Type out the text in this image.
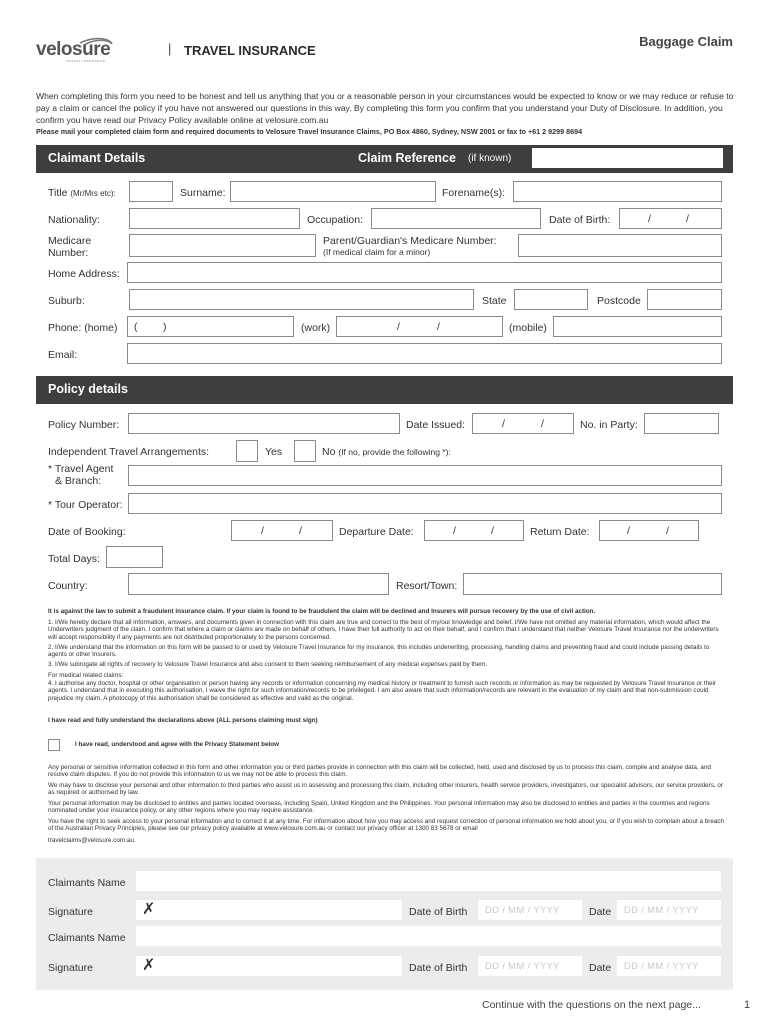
velosure
TRAVEL INSURANCE
| TRAVEL INSURANCE
Baggage Claim

When completing this form you need to be honest and tell us anything that you or a reasonable person in your circumstances would be expected to know or we may reduce or refuse to pay a claim or cancel the policy if you have not answered our questions in this way. By completing this form you confirm that you understand your Duty of Disclosure. In addition, you confirm you have read our Privacy Policy available online at velosure.com.au

Please mail your completed claim form and required documents to Velosure Travel Insurance Claims, PO Box 4860, Sydney, NSW 2001 or fax to +61 2 9299 8694

Claimant Details	Claim Reference (if known)
Title (Mr/Mrs etc):	Surname:	Forename(s):
Nationality:	Occupation:	Date of Birth:	/	/
Medicare
Number:
Parent/Guardian's Medicare Number:
(If medical claim for a minor)
Home Address:
Suburb:	State	Postcode
Phone: (home) ( )	(work)	/	/	(mobile)
Email:
Policy details
Policy Number:	Date Issued:	/	/	No. in Party:
Independent Travel Arrangements:	Yes	No (If no, provide the following *):
* Travel Agent
& Branch:
* Tour Operator:
Date of Booking:	/	/	Departure Date:	/	/	Return Date:	/	/
Total Days:
Country:	Resort/Town:

It is against the law to submit a fraudulent insurance claim. If your claim is found to be fraudulent the claim will be declined and Insurers will pursue recovery by the use of civil action.

1. I/We hereby declare that all information, answers, and documents given in connection with this claim are true and correct to the best of my/our knowledge and belief. I/We have not omitted any material information, which would affect the Underwriters judgment of the claim. I confirm that where a claim or claims are made on behalf of others, I have their full authority to act on their behalf, and I confirm that I understand that neither Velosure Travel Insurance nor the underwriters will accept responsibility if any payments are not distributed proportionately to the persons concerned.

2. I/We understand that the information on this form will be passed to or used by Velosure Travel Insurance for my insurance, this includes underwriting, processing, handling claims and preventing fraud and could include passing details to agents or other Insurers.

3. I/We subrogate all rights of recovery to Velosure Travel Insurance and also consent to them seeking reimbursement of any medical expenses paid by them.

For medical related claims:

4. I authorise any doctor, hospital or other organisation or person having any records or information concerning my medical history or treatment to furnish such records or information as may be requested by Velosure Travel Insurance or their agents. I understand that in executing this authorisation, I waive the right for such information/records to be privileged. I am also aware that such information/records are relevant in the evaluation of my claim and that non-submission could prejudice my claim. A photocopy of this authorisation shall be considered as effective and valid as the original.

I have read and fully understand the declarations above (ALL persons claiming must sign)

I have read, understood and agree with the Privacy Statement below

Any personal or sensitive information collected in this form and other information you or third parties provide in connection with this claim will be collected, held, used and disclosed by us to process this claim, compile and analyse data, and resolve claim disputes. If you do not provide this information to us we may not be able to process this claim.

We may have to disclose your personal and other information to third parties who assist us in assessing and processing this claim, including other insurers, health service providers, investigators, our specialist advisors, our service providers, or as required or authorised by law.

Your personal information may be disclosed to entities and parties located overseas, including Spain, United Kingdom and the Philippines. Your personal information may also be disclosed to entities and parties in the countries and regions nominated under your insurance policy, or any other regions where you may require assistance.

You have the right to seek access to your personal information and to correct it at any time. For information about how you may access and request correction of personal information we hold about you, or if you wish to complain about a breach of the Australian Privacy Principles, please see our privacy policy available at www.velosure.com.au or contact our privacy officer at 1300 83 5678 or email

travelclaims@velosure.com.au.

Claimants Name
Signature	✗	Date of Birth DD / MM / YYYY	Date DD / MM / YYYY
Claimants Name
Signature	✗	Date of Birth DD / MM / YYYY	Date DD / MM / YYYY
Continue with the questions on the next page...	1
